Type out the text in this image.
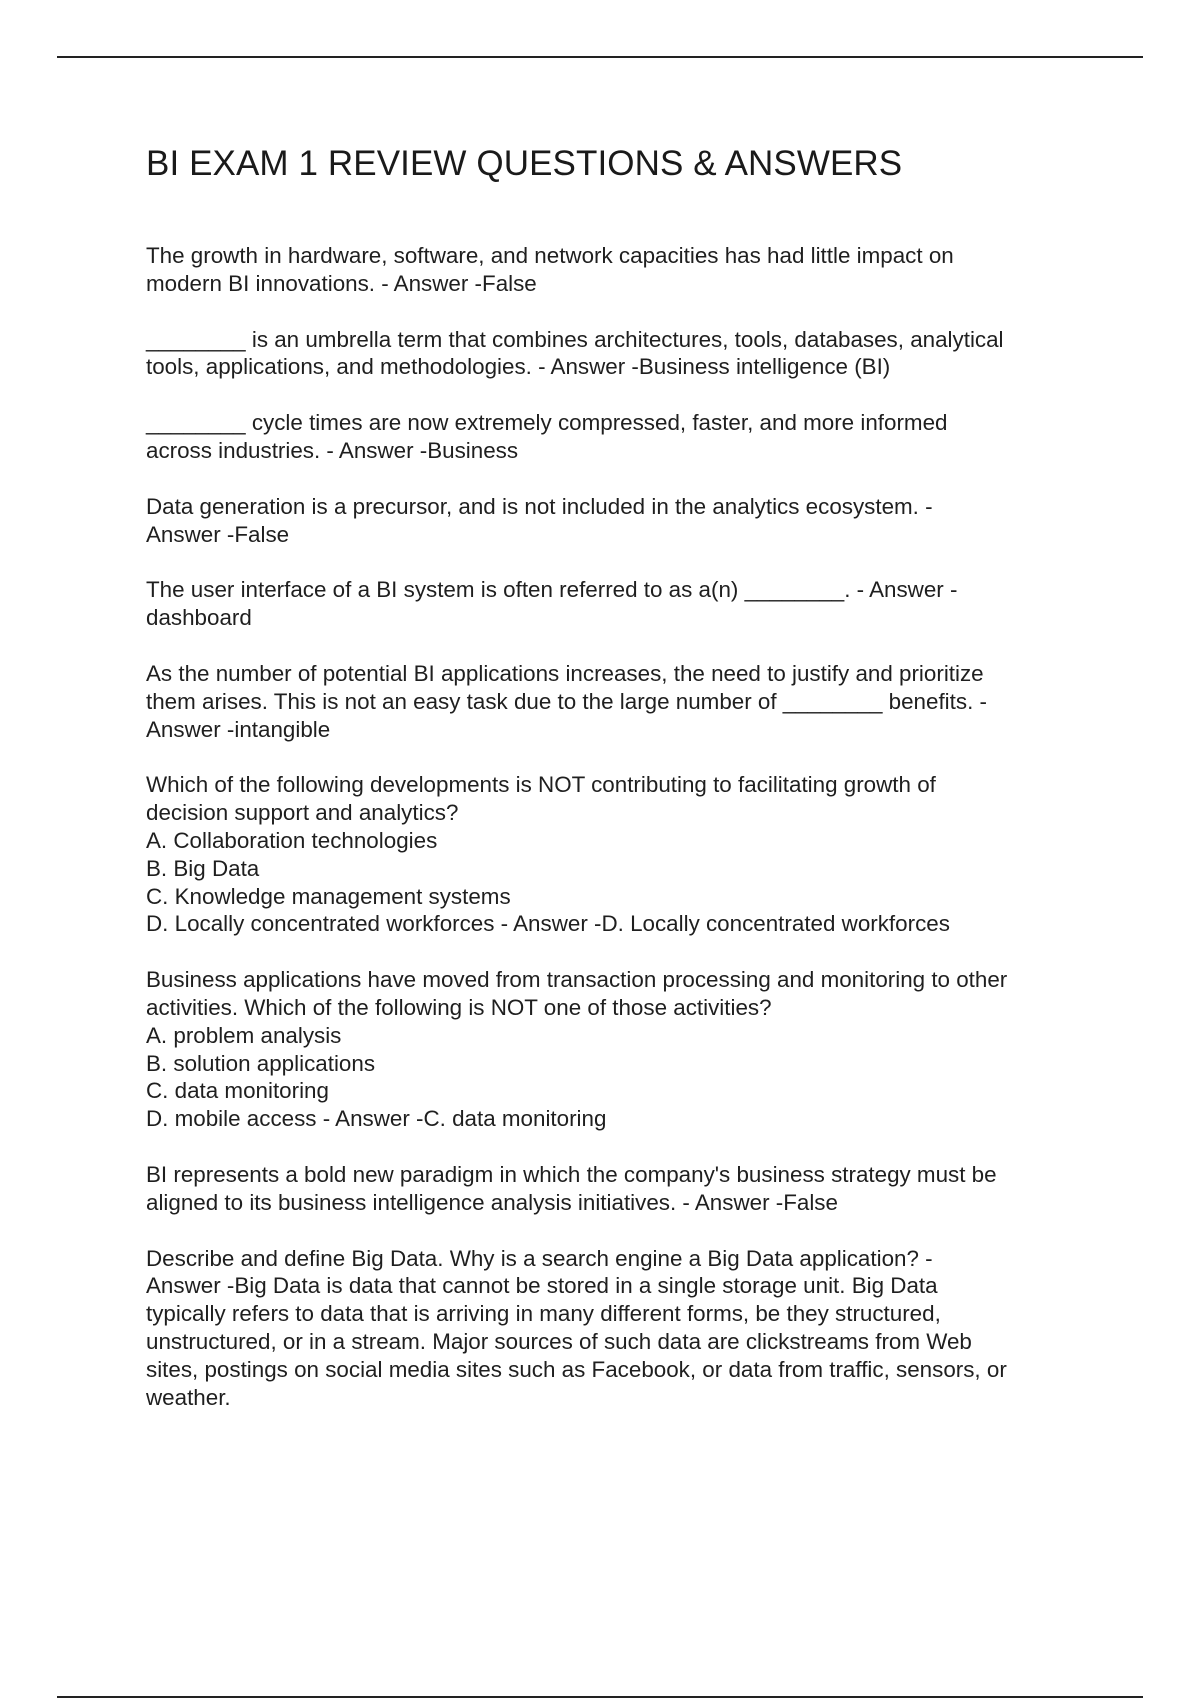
BI EXAM 1 REVIEW QUESTIONS & ANSWERS

The growth in hardware, software, and network capacities has had little impact on
modern BI innovations. - Answer -False

________ is an umbrella term that combines architectures, tools, databases, analytical
tools, applications, and methodologies. - Answer -Business intelligence (BI)

________ cycle times are now extremely compressed, faster, and more informed
across industries. - Answer -Business

Data generation is a precursor, and is not included in the analytics ecosystem. -
Answer -False

The user interface of a BI system is often referred to as a(n) ________. - Answer -
dashboard

As the number of potential BI applications increases, the need to justify and prioritize
them arises. This is not an easy task due to the large number of ________ benefits. -
Answer -intangible

Which of the following developments is NOT contributing to facilitating growth of
decision support and analytics?
A. Collaboration technologies
B. Big Data
C. Knowledge management systems
D. Locally concentrated workforces - Answer -D. Locally concentrated workforces

Business applications have moved from transaction processing and monitoring to other
activities. Which of the following is NOT one of those activities?
A. problem analysis
B. solution applications
C. data monitoring
D. mobile access - Answer -C. data monitoring

BI represents a bold new paradigm in which the company's business strategy must be
aligned to its business intelligence analysis initiatives. - Answer -False

Describe and define Big Data. Why is a search engine a Big Data application? -
Answer -Big Data is data that cannot be stored in a single storage unit. Big Data
typically refers to data that is arriving in many different forms, be they structured,
unstructured, or in a stream. Major sources of such data are clickstreams from Web
sites, postings on social media sites such as Facebook, or data from traffic, sensors, or
weather.
